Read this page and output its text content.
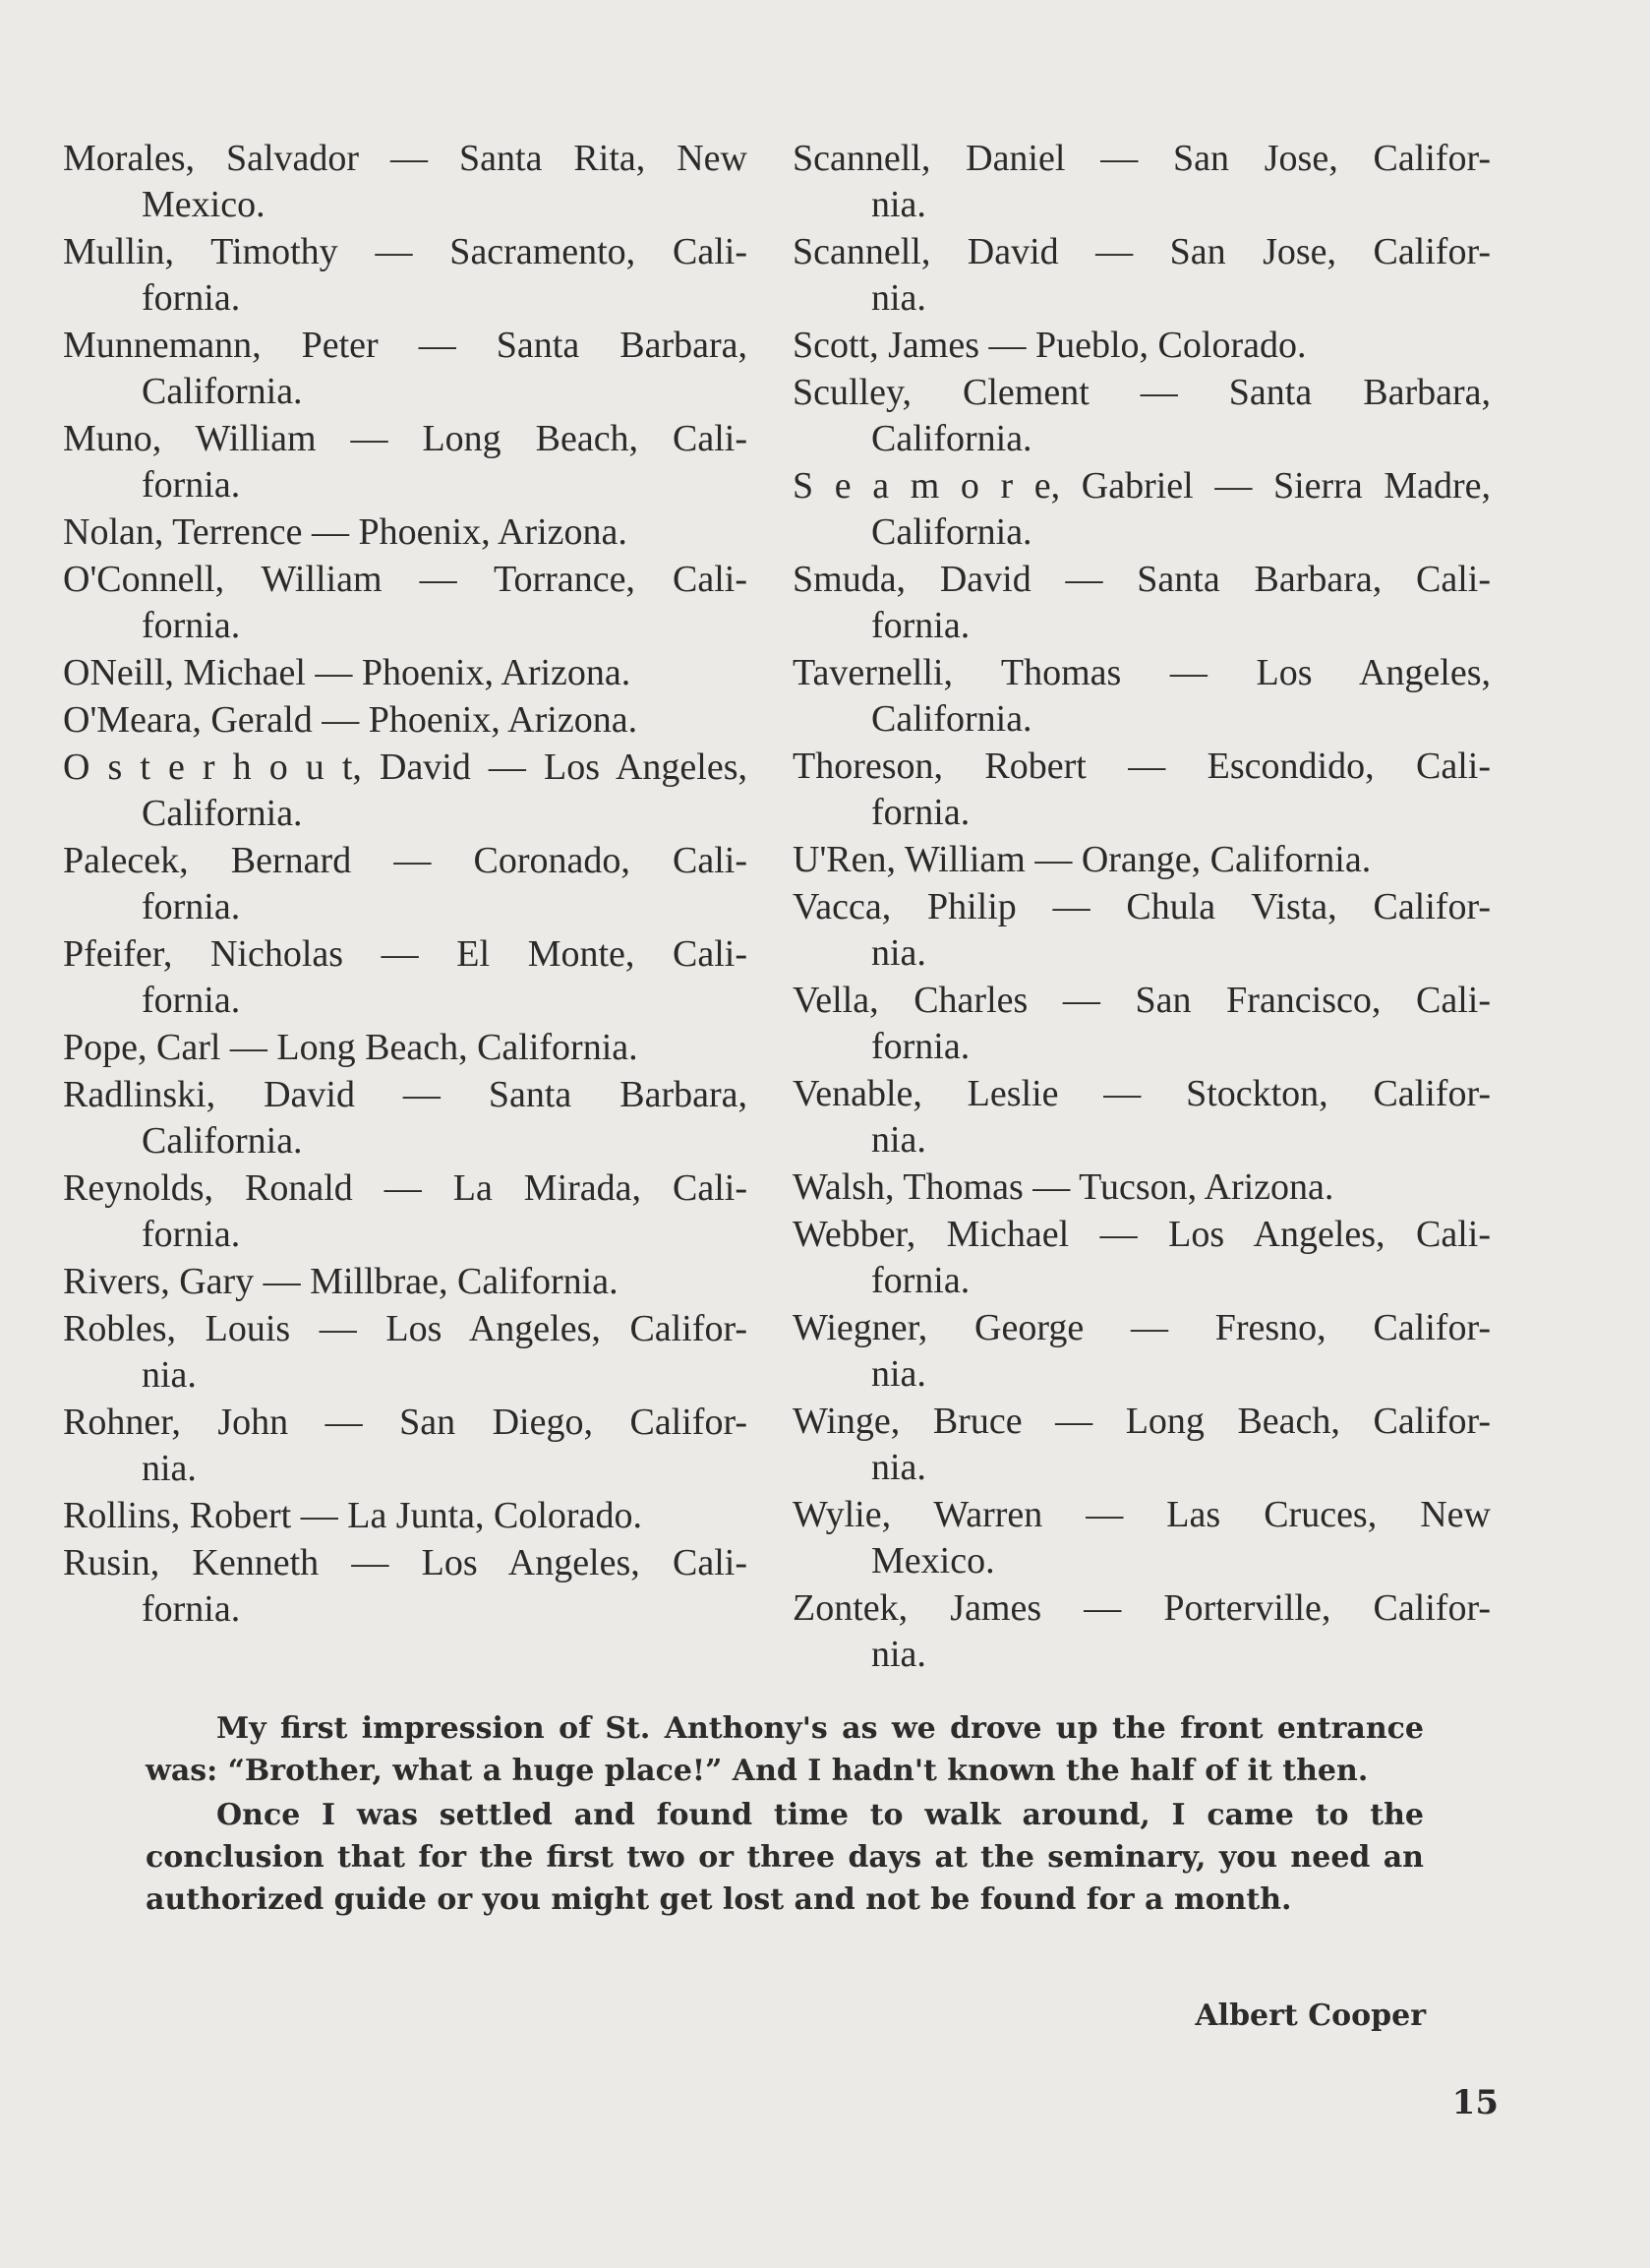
Morales, Salvador — Santa Rita, New
Mexico.
Mullin, Timothy — Sacramento, Cali-
fornia.
Munnemann, Peter — Santa Barbara,
California.
Muno, William — Long Beach, Cali-
fornia.
Nolan, Terrence — Phoenix, Arizona.
O'Connell, William — Torrance, Cali-
fornia.
ONeill, Michael — Phoenix, Arizona.
O'Meara, Gerald — Phoenix, Arizona.
O s t e r h o u t, David — Los Angeles,
California.
Palecek, Bernard — Coronado, Cali-
fornia.
Pfeifer, Nicholas — El Monte, Cali-
fornia.
Pope, Carl — Long Beach, California.
Radlinski, David — Santa Barbara,
California.
Reynolds, Ronald — La Mirada, Cali-
fornia.
Rivers, Gary — Millbrae, California.
Robles, Louis — Los Angeles, Califor-
nia.
Rohner, John — San Diego, Califor-
nia.
Rollins, Robert — La Junta, Colorado.
Rusin, Kenneth — Los Angeles, Cali-
fornia.
Scannell, Daniel — San Jose, Califor-
nia.
Scannell, David — San Jose, Califor-
nia.
Scott, James — Pueblo, Colorado.
Sculley, Clement — Santa Barbara,
California.
S e a m o r e, Gabriel — Sierra Madre,
California.
Smuda, David — Santa Barbara, Cali-
fornia.
Tavernelli, Thomas — Los Angeles,
California.
Thoreson, Robert — Escondido, Cali-
fornia.
U'Ren, William — Orange, California.
Vacca, Philip — Chula Vista, Califor-
nia.
Vella, Charles — San Francisco, Cali-
fornia.
Venable, Leslie — Stockton, Califor-
nia.
Walsh, Thomas — Tucson, Arizona.
Webber, Michael — Los Angeles, Cali-
fornia.
Wiegner, George — Fresno, Califor-
nia.
Winge, Bruce — Long Beach, Califor-
nia.
Wylie, Warren — Las Cruces, New
Mexico.
Zontek, James — Porterville, Califor-
nia.

My first impression of St. Anthony's as we drove up the front entrance was: “Brother, what a huge place!” And I hadn't known the half of it then.

Once I was settled and found time to walk around, I came to the conclusion that for the first two or three days at the seminary, you need an authorized guide or you might get lost and not be found for a month.

Albert Cooper
15
